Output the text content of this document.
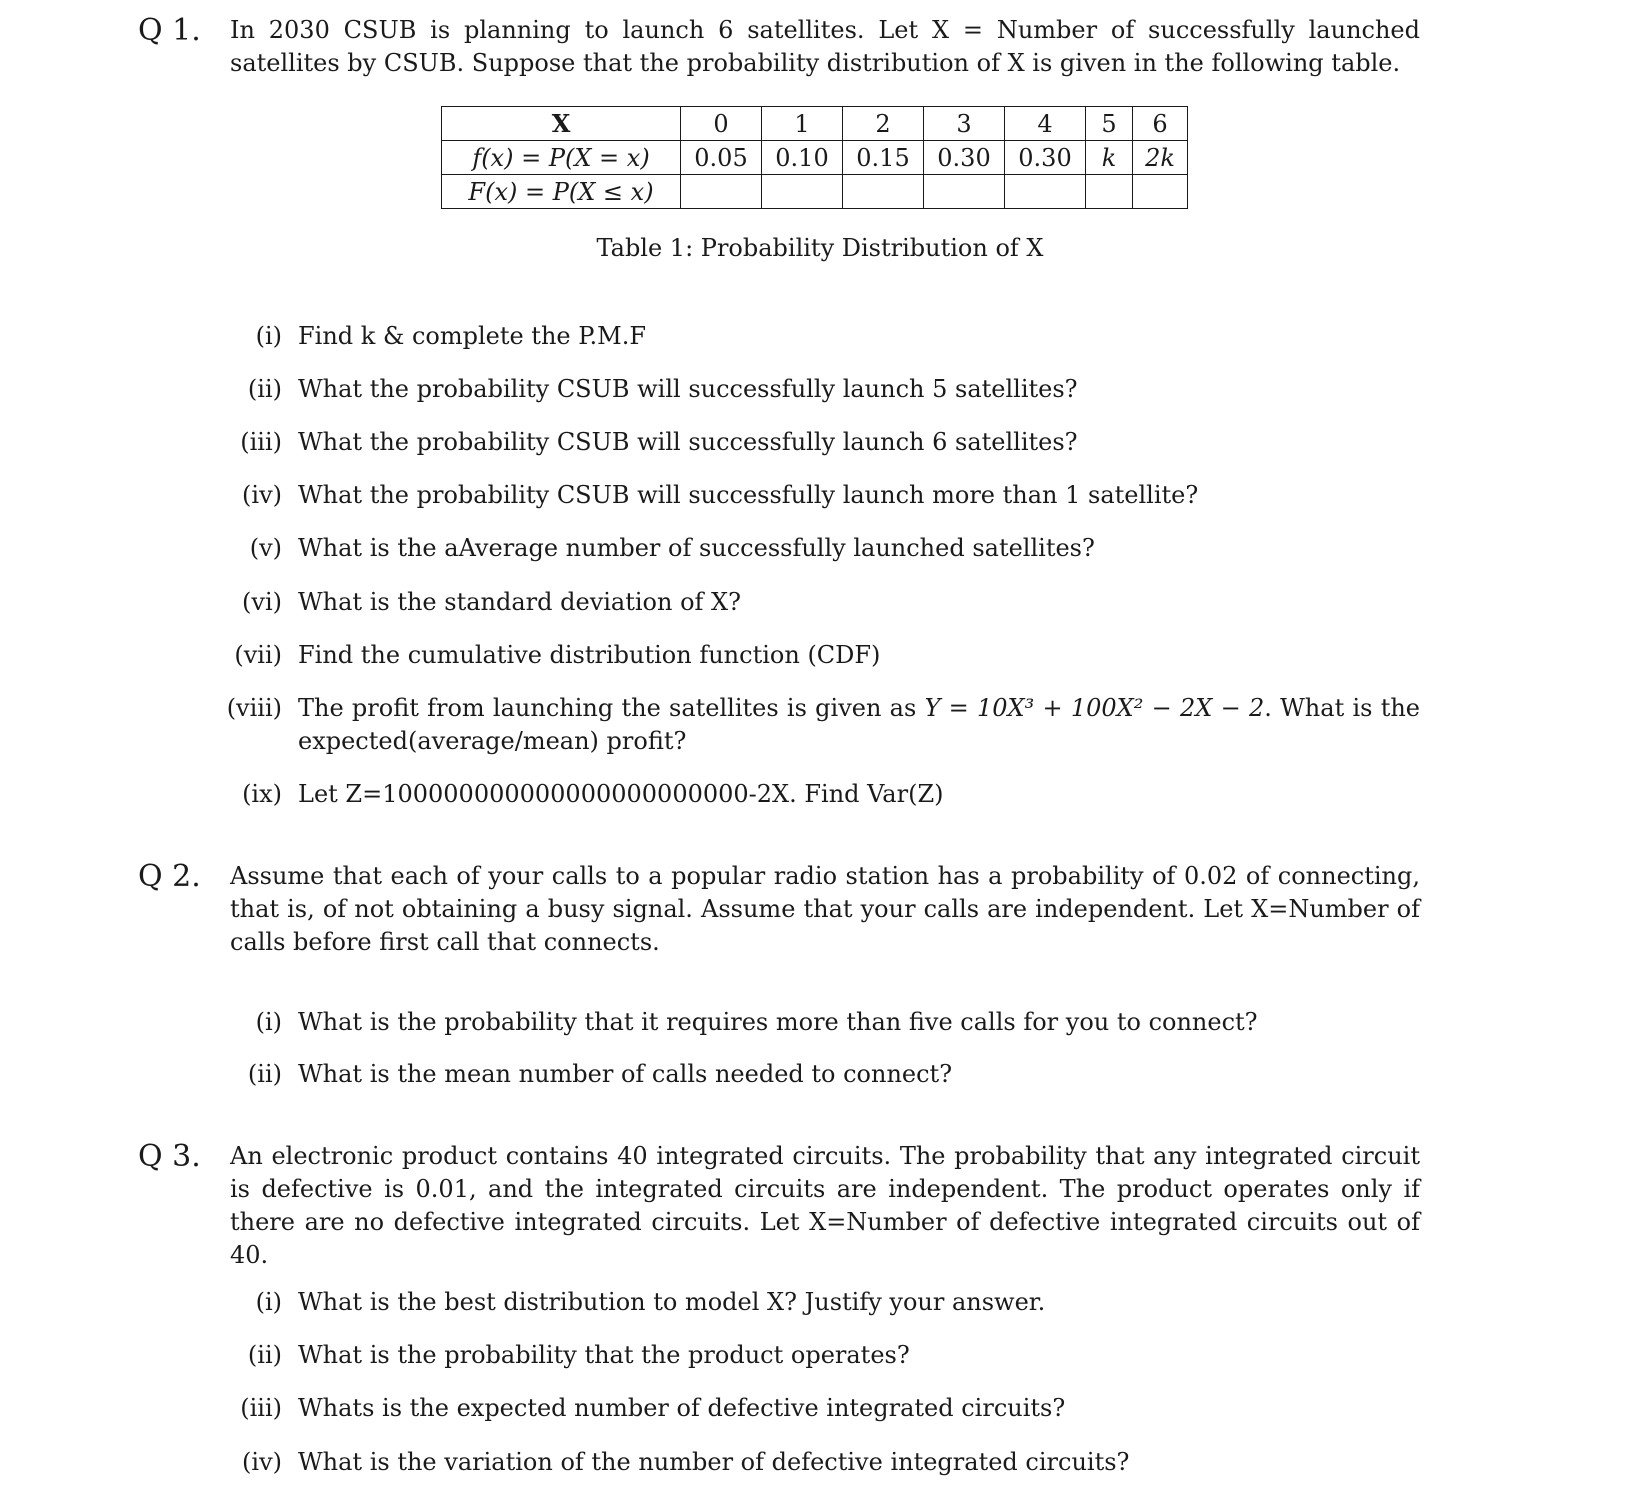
Q 1. In 2030 CSUB is planning to launch 6 satellites. Let X = Number of successfully launched satellites by CSUB. Suppose that the probability distribution of X is given in the following table.
X	0	1	2	3	4	5	6
f(x) = P(X = x)	0.05	0.10	0.15	0.30	0.30	k	2k
F(x) = P(X ≤ x)							
Table 1: Probability Distribution of X
(i) Find k & complete the P.M.F
(ii) What the probability CSUB will successfully launch 5 satellites?
(iii) What the probability CSUB will successfully launch 6 satellites?
(iv) What the probability CSUB will successfully launch more than 1 satellite?
(v) What is the aAverage number of successfully launched satellites?
(vi) What is the standard deviation of X?
(vii) Find the cumulative distribution function (CDF)
(viii) The profit from launching the satellites is given as Y = 10X³ + 100X² − 2X − 2. What is the expected(average/mean) profit?
(ix) Let Z=100000000000000000000000-2X. Find Var(Z)
Q 2. Assume that each of your calls to a popular radio station has a probability of 0.02 of connecting, that is, of not obtaining a busy signal. Assume that your calls are independent. Let X=Number of calls before first call that connects.
(i) What is the probability that it requires more than five calls for you to connect?
(ii) What is the mean number of calls needed to connect?
Q 3. An electronic product contains 40 integrated circuits. The probability that any integrated circuit is defective is 0.01, and the integrated circuits are independent. The product operates only if there are no defective integrated circuits. Let X=Number of defective integrated circuits out of 40.
(i) What is the best distribution to model X? Justify your answer.
(ii) What is the probability that the product operates?
(iii) Whats is the expected number of defective integrated circuits?
(iv) What is the variation of the number of defective integrated circuits?
